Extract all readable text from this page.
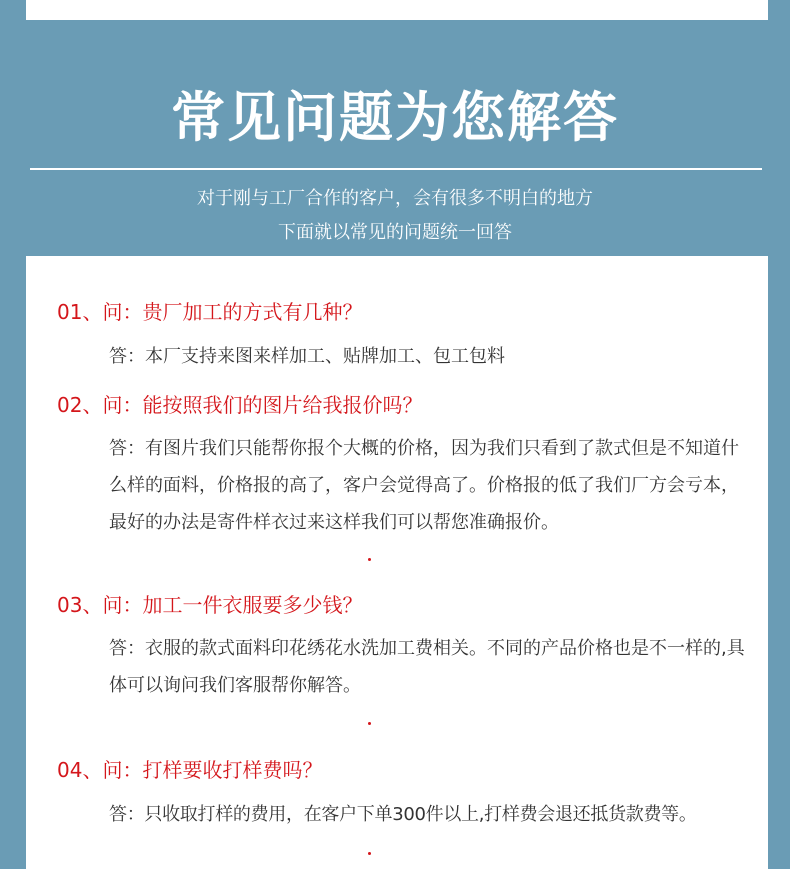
常见问题为您解答
对于刚与工厂合作的客户，会有很多不明白的地方
下面就以常见的问题统一回答
01、问：贵厂加工的方式有几种？
答：本厂支持来图来样加工、贴牌加工、包工包料
02、问：能按照我们的图片给我报价吗？
答：有图片我们只能帮你报个大概的价格，因为我们只看到了款式但是不知道什么样的面料，价格报的高了，客户会觉得高了。价格报的低了我们厂方会亏本，最好的办法是寄件样衣过来这样我们可以帮您准确报价。
03、问：加工一件衣服要多少钱？
答：衣服的款式面料印花绣花水洗加工费相关。不同的产品价格也是不一样的,具体可以询问我们客服帮你解答。
04、问：打样要收打样费吗？
答：只收取打样的费用，在客户下单300件以上,打样费会退还抵货款费等。
